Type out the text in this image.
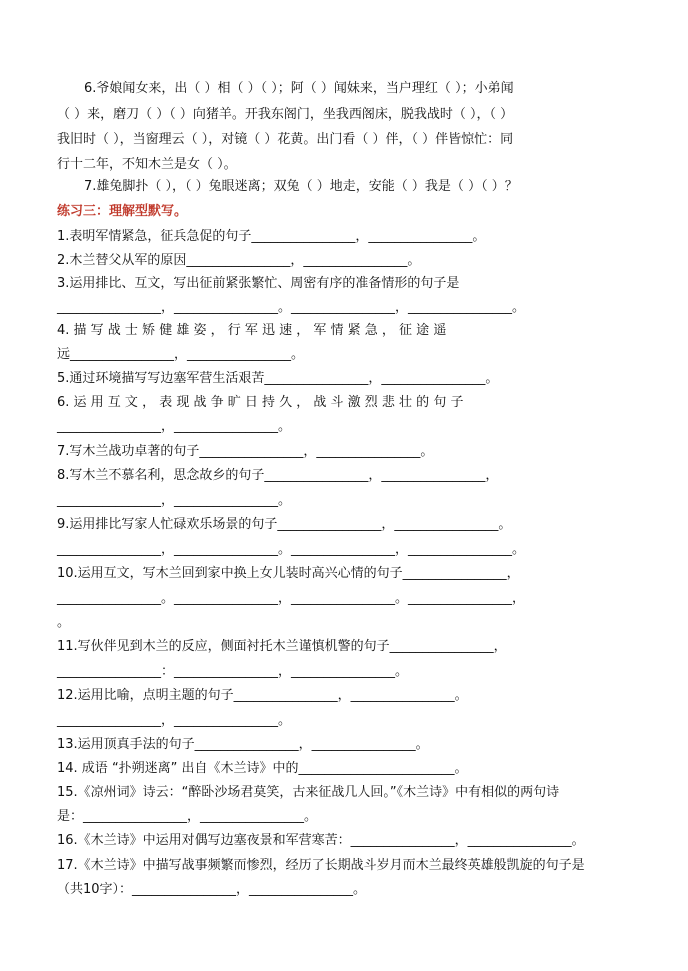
6.爷娘闻女来，出（ ）相（ ）（ ）；阿（ ）闻妹来，当户理红（ ）；小弟闻
（ ）来，磨刀（ ）（ ）向猪羊。开我东阁门，坐我西阁床，脱我战时（ ），（ ）
我旧时（ ），当窗理云（ ），对镜（ ）花黄。出门看（ ）伴，（ ）伴皆惊忙：同
行十二年，不知木兰是女（ ）。
7.雄兔脚扑（ ），（ ）兔眼迷离；双兔（ ）地走，安能（ ）我是（ ）（ ）？
练习三：理解型默写。
1.表明军情紧急，征兵急促的句子________________，________________。
2.木兰替父从军的原因________________，________________。
3.运用排比、互文，写出征前紧张繁忙、周密有序的准备情形的句子是
________________，________________。________________，________________。
4. 描 写 战 士 矫 健 雄 姿 ， 行 军 迅 速 ， 军 情 紧 急 ， 征 途 遥
远________________，________________。
5.通过环境描写写边塞军营生活艰苦________________，________________。
6. 运 用 互 文 ， 表 现 战 争 旷 日 持 久 ， 战 斗 激 烈 悲 壮 的 句 子
________________，________________。
7.写木兰战功卓著的句子________________，________________。
8.写木兰不慕名利，思念故乡的句子________________，________________，
________________，________________。
9.运用排比写家人忙碌欢乐场景的句子________________，________________。
________________，________________。________________，________________。
10.运用互文，写木兰回到家中换上女儿装时高兴心情的句子________________，
________________。________________，________________。________________，
。
11.写伙伴见到木兰的反应，侧面衬托木兰谨慎机警的句子________________，
________________：________________，________________。
12.运用比喻，点明主题的句子________________，________________。
________________，________________。
13.运用顶真手法的句子________________，________________。
14. 成语 “扑朔迷离” 出自《木兰诗》中的________________________。
15.《凉州词》诗云：“醉卧沙场君莫笑，古来征战几人回。”《木兰诗》中有相似的两句诗
是：________________，________________。
16.《木兰诗》中运用对偶写边塞夜景和军营寒苦：________________，________________。
17.《木兰诗》中描写战事频繁而惨烈，经历了长期战斗岁月而木兰最终英雄般凯旋的句子是
（共10字）：________________，________________。
